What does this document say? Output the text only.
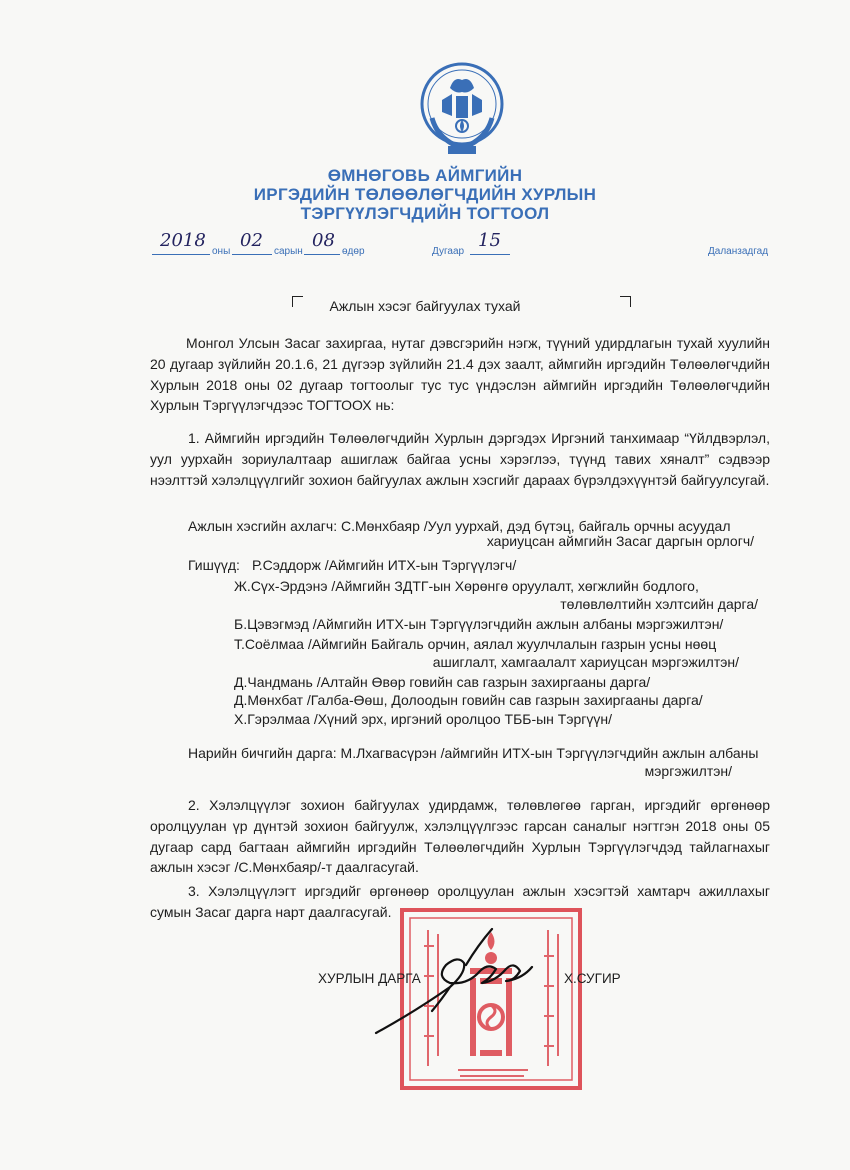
ӨМНӨГОВЬ АЙМГИЙН
ИРГЭДИЙН ТӨЛӨӨЛӨГЧДИЙН ХУРЛЫН
ТЭРГҮҮЛЭГЧДИЙН ТОГТООЛ
2018
оны
02
сарын
08
өдөр	Дугаар
15
Даланзадгад
Ажлын хэсэг байгуулах тухай
Монгол Улсын Засаг захиргаа, нутаг дэвсгэрийн нэгж, түүний удирдлагын тухай хуулийн 20 дугаар зүйлийн 20.1.6, 21 дүгээр зүйлийн 21.4 дэх заалт, аймгийн иргэдийн Төлөөлөгчдийн Хурлын 2018 оны 02 дугаар тогтоолыг тус тус үндэслэн аймгийн иргэдийн Төлөөлөгчдийн Хурлын Тэргүүлэгчдээс ТОГТООХ нь:
1. Аймгийн иргэдийн Төлөөлөгчдийн Хурлын дэргэдэх Иргэний танхимаар “Үйлдвэрлэл, уул уурхайн зориулалтаар ашиглаж байгаа усны хэрэглээ, түүнд тавих хяналт” сэдвээр нээлттэй хэлэлцүүлгийг зохион байгуулах ажлын хэсгийг дараах бүрэлдэхүүнтэй байгуулсугай.
Ажлын хэсгийн ахлагч: С.Мөнхбаяр /Уул уурхай, дэд бүтэц, байгаль орчны асуудал
хариуцсан аймгийн Засаг даргын орлогч/
Гишүүд: Р.Сэддорж /Аймгийн ИТХ-ын Тэргүүлэгч/
Ж.Сүх-Эрдэнэ /Аймгийн ЗДТГ-ын Хөрөнгө оруулалт, хөгжлийн бодлого,
төлөвлөлтийн хэлтсийн дарга/
Б.Цэвэгмэд /Аймгийн ИТХ-ын Тэргүүлэгчдийн ажлын албаны мэргэжилтэн/
Т.Соёлмаа /Аймгийн Байгаль орчин, аялал жуулчлалын газрын усны нөөц
ашиглалт, хамгаалалт хариуцсан мэргэжилтэн/
Д.Чандмань /Алтайн Өвөр говийн сав газрын захиргааны дарга/
Д.Мөнхбат /Галба-Өөш, Долоодын говийн сав газрын захиргааны дарга/
Х.Гэрэлмаа /Хүний эрх, иргэний оролцоо ТББ-ын Тэргүүн/
Нарийн бичгийн дарга: М.Лхагвасүрэн /аймгийн ИТХ-ын Тэргүүлэгчдийн ажлын албаны
мэргэжилтэн/
2. Хэлэлцүүлэг зохион байгуулах удирдамж, төлөвлөгөө гарган, иргэдийг өргөнөөр оролцуулан үр дүнтэй зохион байгуулж, хэлэлцүүлгээс гарсан саналыг нэгтгэн 2018 оны 05 дугаар сард багтаан аймгийн иргэдийн Төлөөлөгчдийн Хурлын Тэргүүлэгчдэд тайлагнахыг ажлын хэсэг /С.Мөнхбаяр/-т даалгасугай.
3. Хэлэлцүүлэгт иргэдийг өргөнөөр оролцуулан ажлын хэсэгтэй хамтарч ажиллахыг сумын Засаг дарга нарт даалгасугай.
ХУРЛЫН ДАРГА	Х.СУГИР
